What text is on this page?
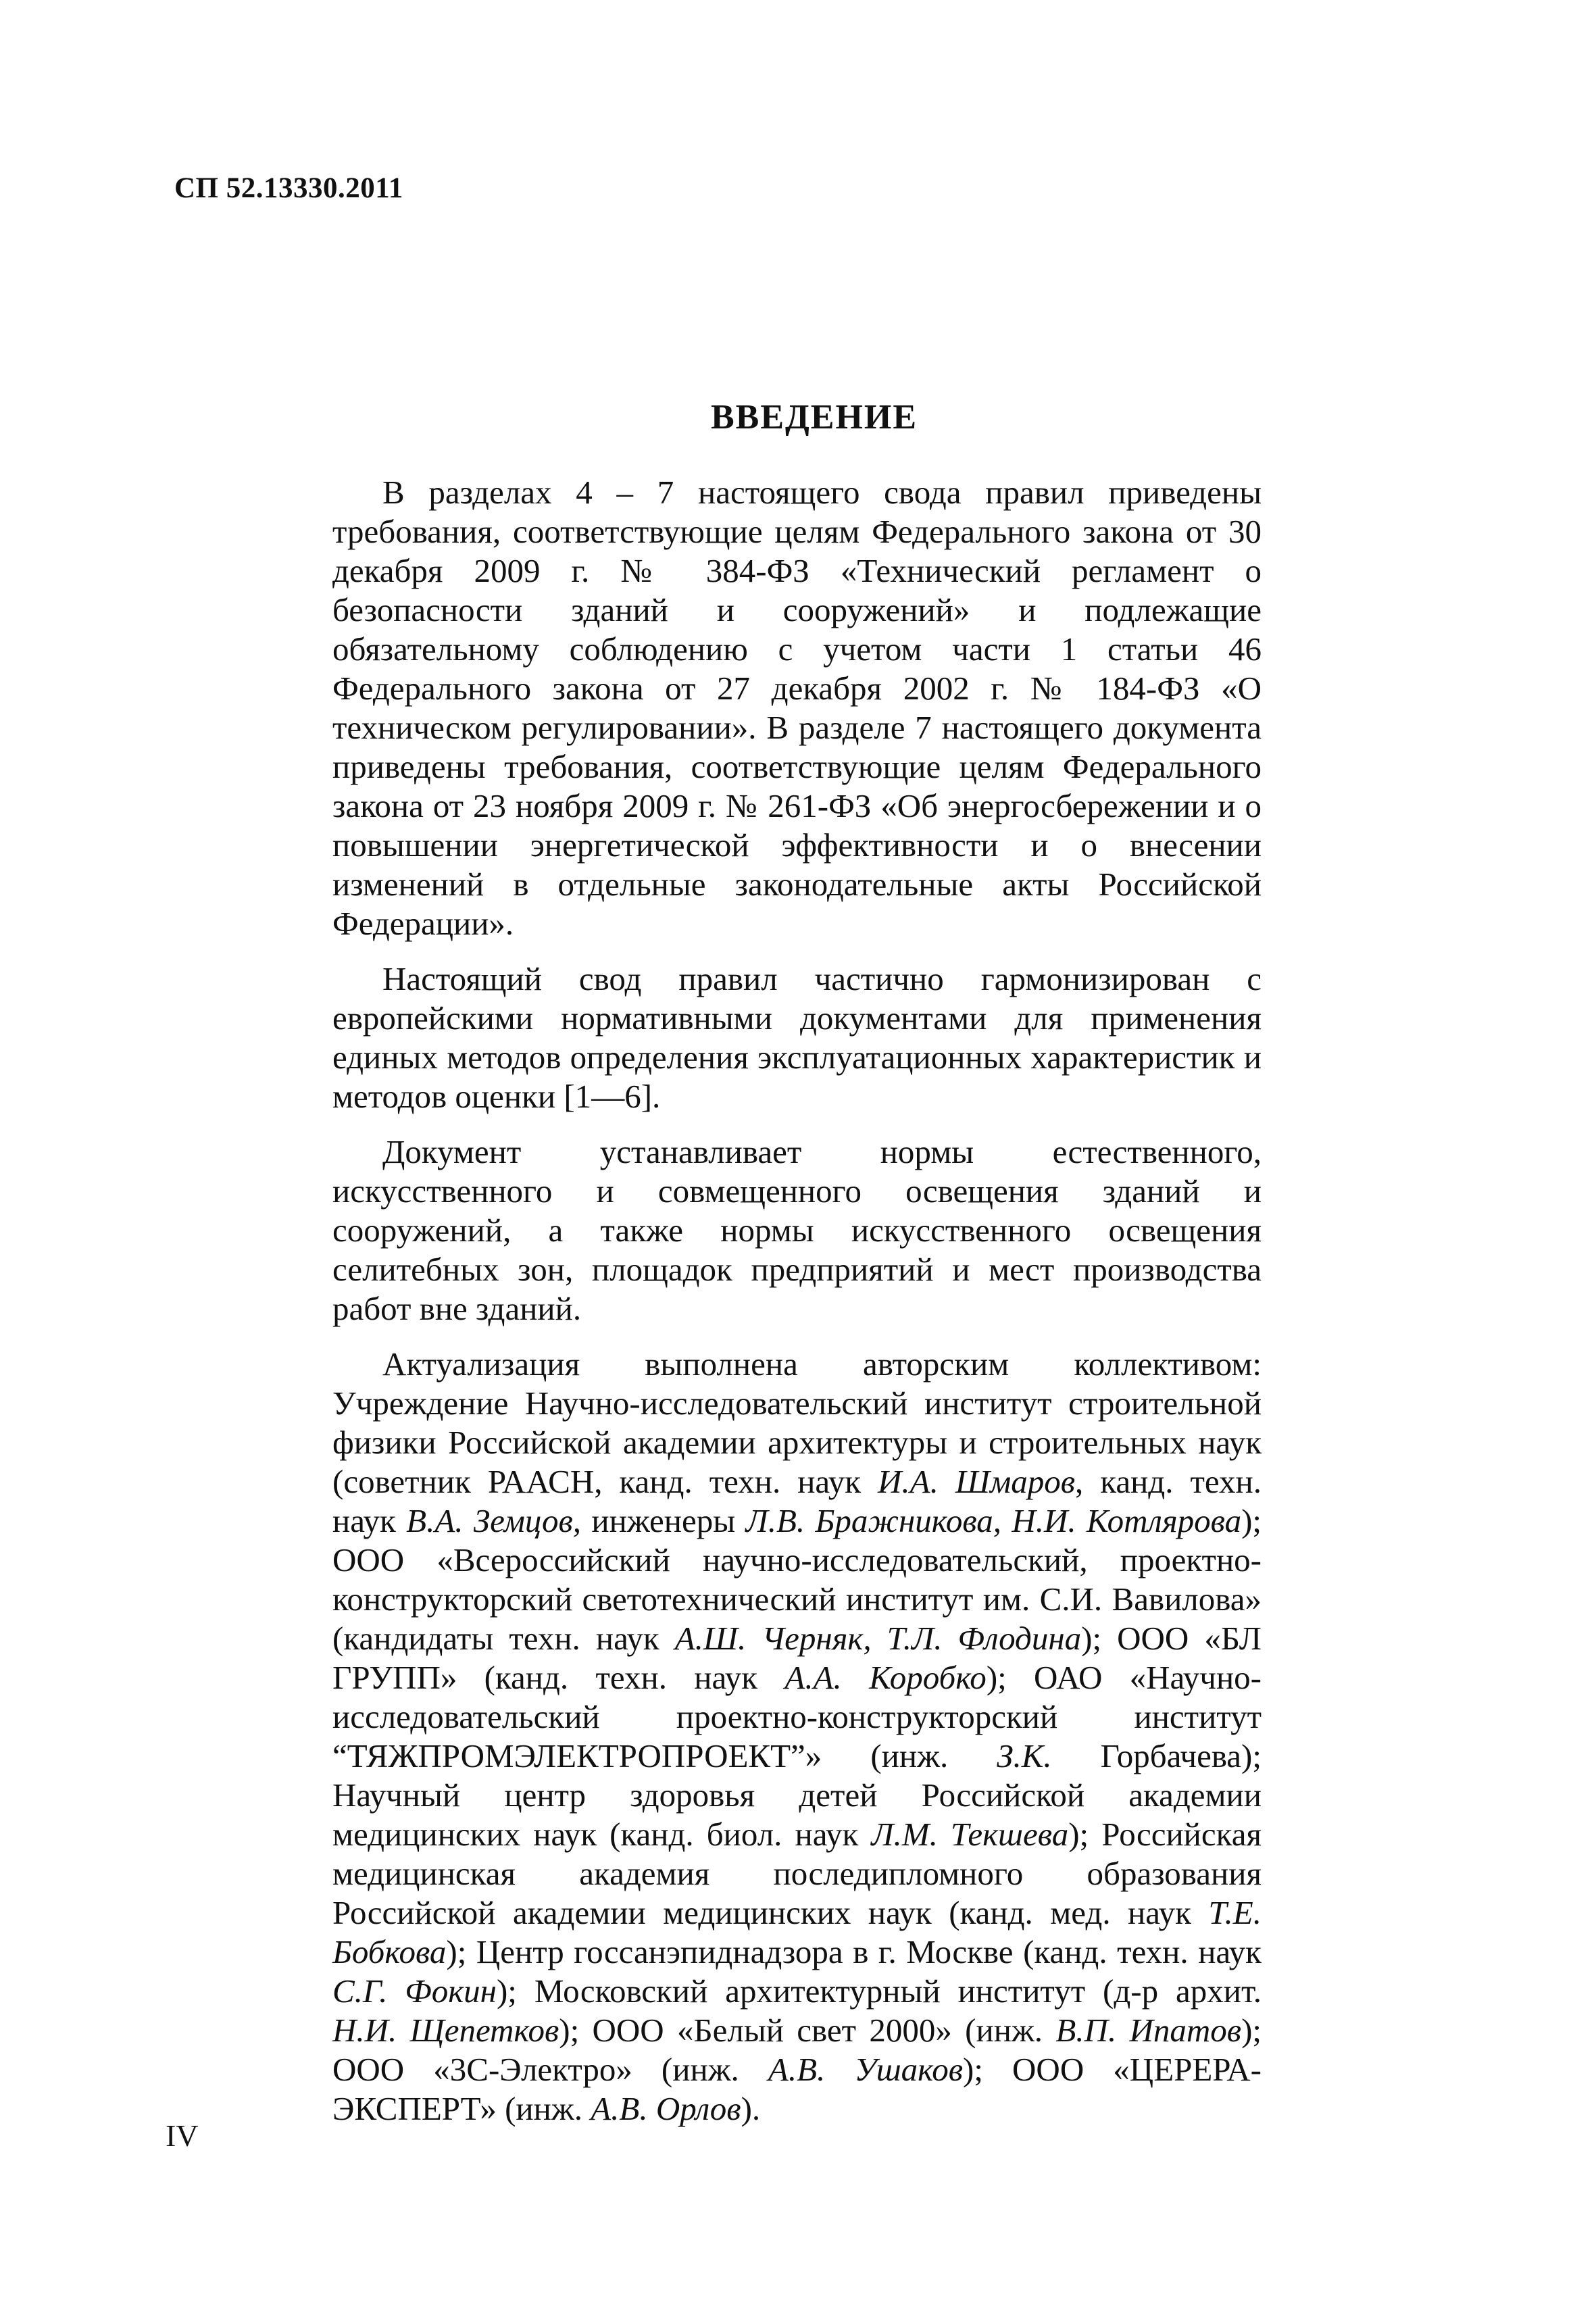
СП 52.13330.2011
ВВЕДЕНИЕ

В разделах 4 – 7 настоящего свода правил приведены требования, соответствующие целям Федерального закона от 30 декабря 2009 г. № 384-ФЗ «Технический регламент о безопасности зданий и сооружений» и подлежащие обязательному соблюдению с учетом части 1 статьи 46 Федерального закона от 27 декабря 2002 г. № 184-ФЗ «О техническом регулировании». В разделе 7 настоящего документа приведены требования, соответствующие целям Федерального закона от 23 ноября 2009 г. № 261-ФЗ «Об энергосбережении и о повышении энергетической эффективности и о внесении изменений в отдельные законодательные акты Российской Федерации».

Настоящий свод правил частично гармонизирован с европейскими нормативными документами для применения единых методов определения эксплуатационных характеристик и методов оценки [1—6].

Документ устанавливает нормы естественного, искусственного и совмещенного освещения зданий и сооружений, а также нормы искусственного освещения селитебных зон, площадок предприятий и мест производства работ вне зданий.

Актуализация выполнена авторским коллективом: Учреждение Научно-исследовательский институт строительной физики Российской академии архитектуры и строительных наук (советник РААСН, канд. техн. наук И.А. Шмаров, канд. техн. наук В.А. Земцов, инженеры Л.В. Бражникова, Н.И. Котлярова); ООО «Всероссийский научно-исследовательский, проектно-конструкторский светотехнический институт им. С.И. Вавилова» (кандидаты техн. наук А.Ш. Черняк, Т.Л. Флодина); ООО «БЛ ГРУПП» (канд. техн. наук А.А. Коробко); ОАО «Научно-исследовательский проектно-конструкторский институт “ТЯЖПРОМЭЛЕКТРОПРОЕКТ”» (инж. З.К. Горбачева); Научный центр здоровья детей Российской академии медицинских наук (канд. биол. наук Л.М. Текшева); Российская медицинская академия последипломного образования Российской академии медицинских наук (канд. мед. наук Т.Е. Бобкова); Центр госсанэпиднадзора в г. Москве (канд. техн. наук С.Г. Фокин); Московский архитектурный институт (д-р архит. Н.И. Щепетков); ООО «Белый свет 2000» (инж. В.П. Ипатов); ООО «3С-Электро» (инж. А.В. Ушаков); ООО «ЦЕРЕРА-ЭКСПЕРТ» (инж. А.В. Орлов).

IV
